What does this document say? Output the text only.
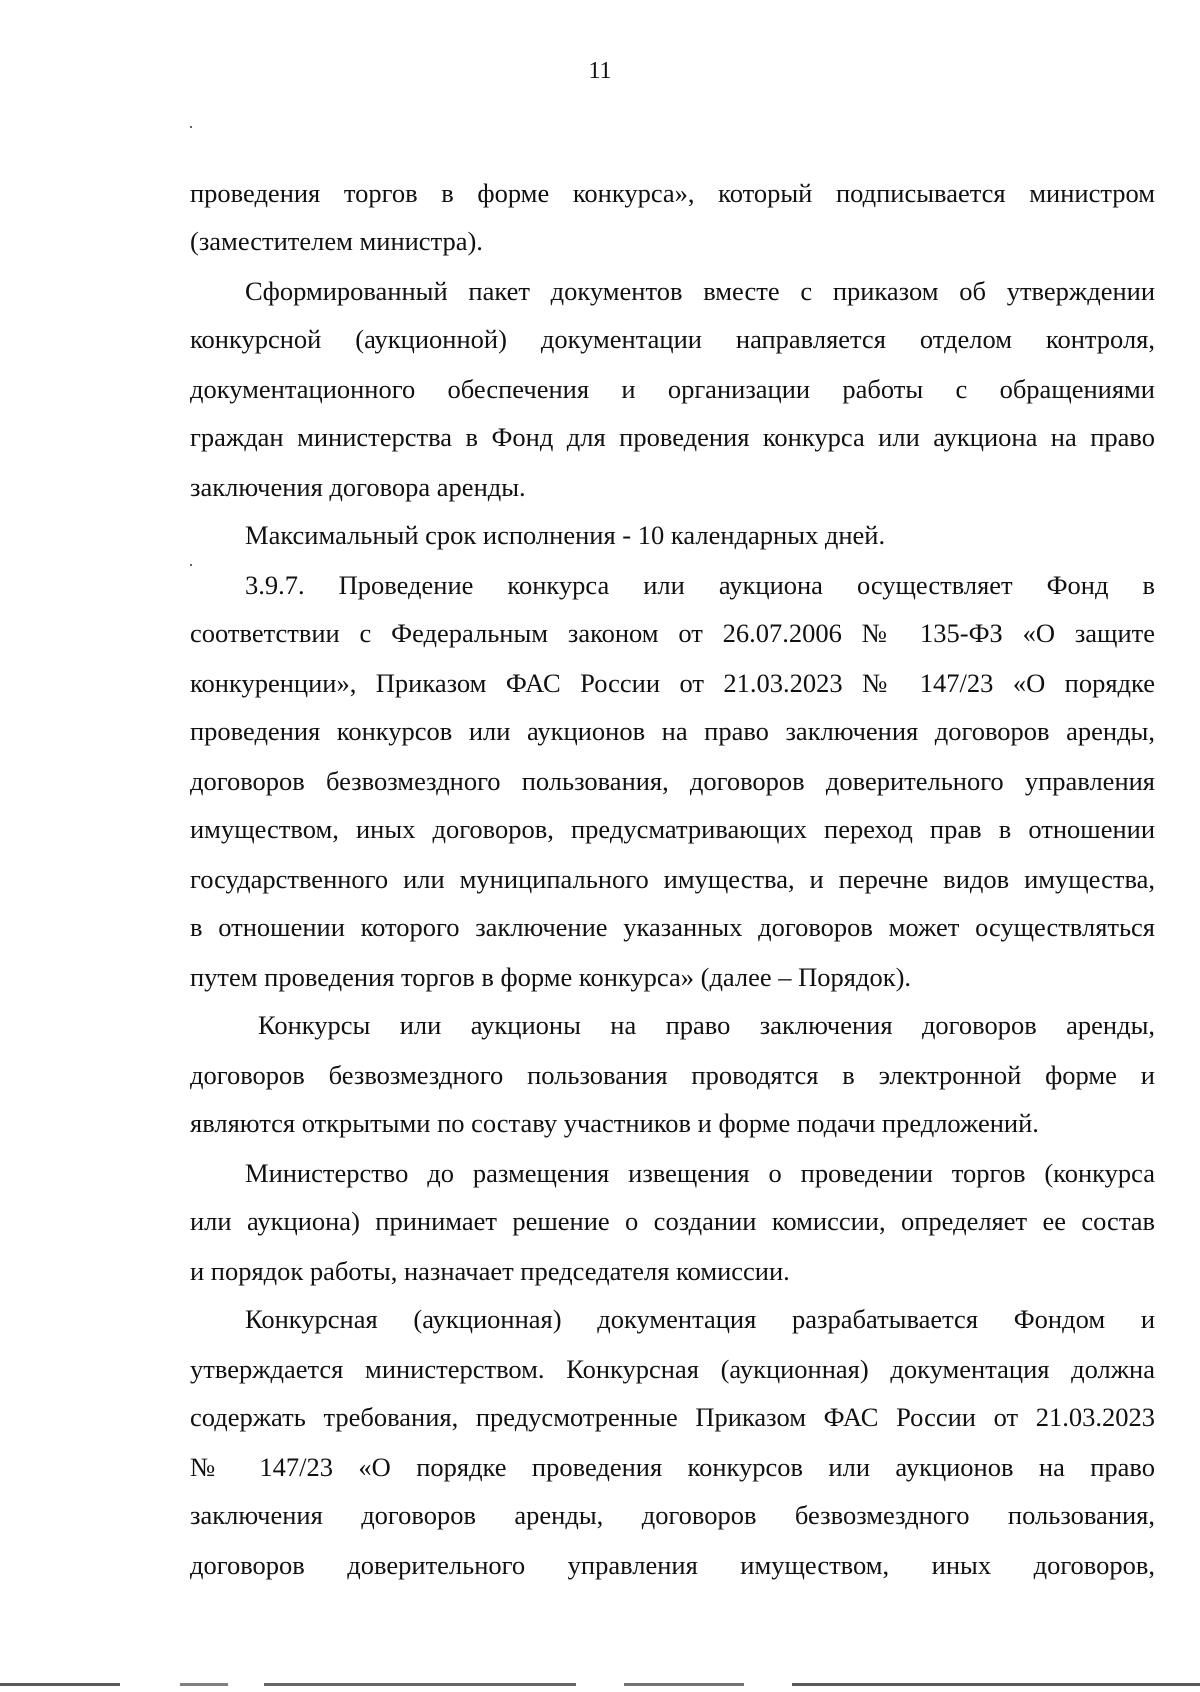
11
проведения торгов в форме конкурса», который подписывается министром
(заместителем министра).
Сформированный пакет документов вместе с приказом об утверждении
конкурсной (аукционной) документации направляется отделом контроля,
документационного обеспечения и организации работы с обращениями
граждан министерства в Фонд для проведения конкурса или аукциона на право
заключения договора аренды.
Максимальный срок исполнения - 10 календарных дней.
3.9.7. Проведение конкурса или аукциона осуществляет Фонд в
соответствии с Федеральным законом от 26.07.2006 № 135-ФЗ «О защите
конкуренции», Приказом ФАС России от 21.03.2023 № 147/23 «О порядке
проведения конкурсов или аукционов на право заключения договоров аренды,
договоров безвозмездного пользования, договоров доверительного управления
имуществом, иных договоров, предусматривающих переход прав в отношении
государственного или муниципального имущества, и перечне видов имущества,
в отношении которого заключение указанных договоров может осуществляться
путем проведения торгов в форме конкурса» (далее – Порядок).
Конкурсы или аукционы на право заключения договоров аренды,
договоров безвозмездного пользования проводятся в электронной форме и
являются открытыми по составу участников и форме подачи предложений.
Министерство до размещения извещения о проведении торгов (конкурса
или аукциона) принимает решение о создании комиссии, определяет ее состав
и порядок работы, назначает председателя комиссии.
Конкурсная (аукционная) документация разрабатывается Фондом и
утверждается министерством. Конкурсная (аукционная) документация должна
содержать требования, предусмотренные Приказом ФАС России от 21.03.2023
№ 147/23 «О порядке проведения конкурсов или аукционов на право
заключения договоров аренды, договоров безвозмездного пользования,
договоров доверительного управления имуществом, иных договоров,
